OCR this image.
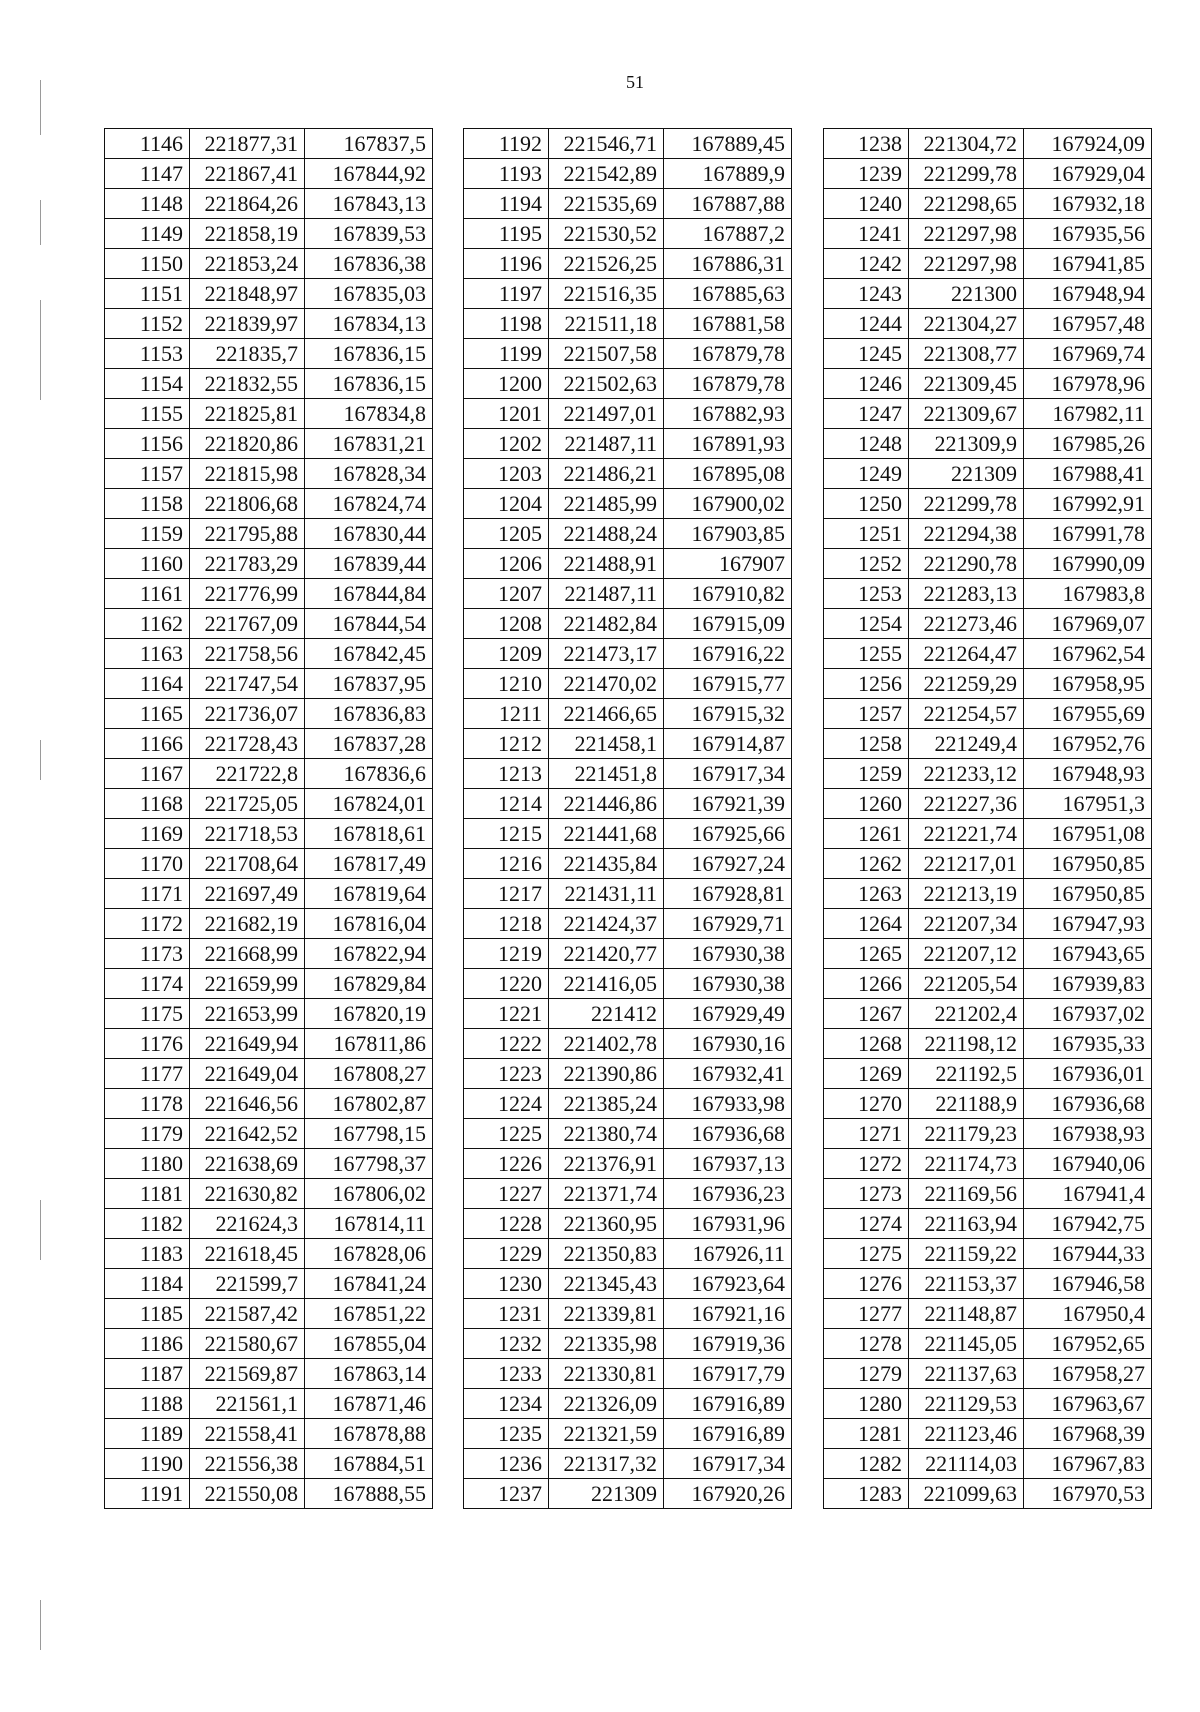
51
1146	221877,31	167837,5
1147	221867,41	167844,92
1148	221864,26	167843,13
1149	221858,19	167839,53
1150	221853,24	167836,38
1151	221848,97	167835,03
1152	221839,97	167834,13
1153	221835,7	167836,15
1154	221832,55	167836,15
1155	221825,81	167834,8
1156	221820,86	167831,21
1157	221815,98	167828,34
1158	221806,68	167824,74
1159	221795,88	167830,44
1160	221783,29	167839,44
1161	221776,99	167844,84
1162	221767,09	167844,54
1163	221758,56	167842,45
1164	221747,54	167837,95
1165	221736,07	167836,83
1166	221728,43	167837,28
1167	221722,8	167836,6
1168	221725,05	167824,01
1169	221718,53	167818,61
1170	221708,64	167817,49
1171	221697,49	167819,64
1172	221682,19	167816,04
1173	221668,99	167822,94
1174	221659,99	167829,84
1175	221653,99	167820,19
1176	221649,94	167811,86
1177	221649,04	167808,27
1178	221646,56	167802,87
1179	221642,52	167798,15
1180	221638,69	167798,37
1181	221630,82	167806,02
1182	221624,3	167814,11
1183	221618,45	167828,06
1184	221599,7	167841,24
1185	221587,42	167851,22
1186	221580,67	167855,04
1187	221569,87	167863,14
1188	221561,1	167871,46
1189	221558,41	167878,88
1190	221556,38	167884,51
1191	221550,08	167888,55
1192	221546,71	167889,45
1193	221542,89	167889,9
1194	221535,69	167887,88
1195	221530,52	167887,2
1196	221526,25	167886,31
1197	221516,35	167885,63
1198	221511,18	167881,58
1199	221507,58	167879,78
1200	221502,63	167879,78
1201	221497,01	167882,93
1202	221487,11	167891,93
1203	221486,21	167895,08
1204	221485,99	167900,02
1205	221488,24	167903,85
1206	221488,91	167907
1207	221487,11	167910,82
1208	221482,84	167915,09
1209	221473,17	167916,22
1210	221470,02	167915,77
1211	221466,65	167915,32
1212	221458,1	167914,87
1213	221451,8	167917,34
1214	221446,86	167921,39
1215	221441,68	167925,66
1216	221435,84	167927,24
1217	221431,11	167928,81
1218	221424,37	167929,71
1219	221420,77	167930,38
1220	221416,05	167930,38
1221	221412	167929,49
1222	221402,78	167930,16
1223	221390,86	167932,41
1224	221385,24	167933,98
1225	221380,74	167936,68
1226	221376,91	167937,13
1227	221371,74	167936,23
1228	221360,95	167931,96
1229	221350,83	167926,11
1230	221345,43	167923,64
1231	221339,81	167921,16
1232	221335,98	167919,36
1233	221330,81	167917,79
1234	221326,09	167916,89
1235	221321,59	167916,89
1236	221317,32	167917,34
1237	221309	167920,26
1238	221304,72	167924,09
1239	221299,78	167929,04
1240	221298,65	167932,18
1241	221297,98	167935,56
1242	221297,98	167941,85
1243	221300	167948,94
1244	221304,27	167957,48
1245	221308,77	167969,74
1246	221309,45	167978,96
1247	221309,67	167982,11
1248	221309,9	167985,26
1249	221309	167988,41
1250	221299,78	167992,91
1251	221294,38	167991,78
1252	221290,78	167990,09
1253	221283,13	167983,8
1254	221273,46	167969,07
1255	221264,47	167962,54
1256	221259,29	167958,95
1257	221254,57	167955,69
1258	221249,4	167952,76
1259	221233,12	167948,93
1260	221227,36	167951,3
1261	221221,74	167951,08
1262	221217,01	167950,85
1263	221213,19	167950,85
1264	221207,34	167947,93
1265	221207,12	167943,65
1266	221205,54	167939,83
1267	221202,4	167937,02
1268	221198,12	167935,33
1269	221192,5	167936,01
1270	221188,9	167936,68
1271	221179,23	167938,93
1272	221174,73	167940,06
1273	221169,56	167941,4
1274	221163,94	167942,75
1275	221159,22	167944,33
1276	221153,37	167946,58
1277	221148,87	167950,4
1278	221145,05	167952,65
1279	221137,63	167958,27
1280	221129,53	167963,67
1281	221123,46	167968,39
1282	221114,03	167967,83
1283	221099,63	167970,53
